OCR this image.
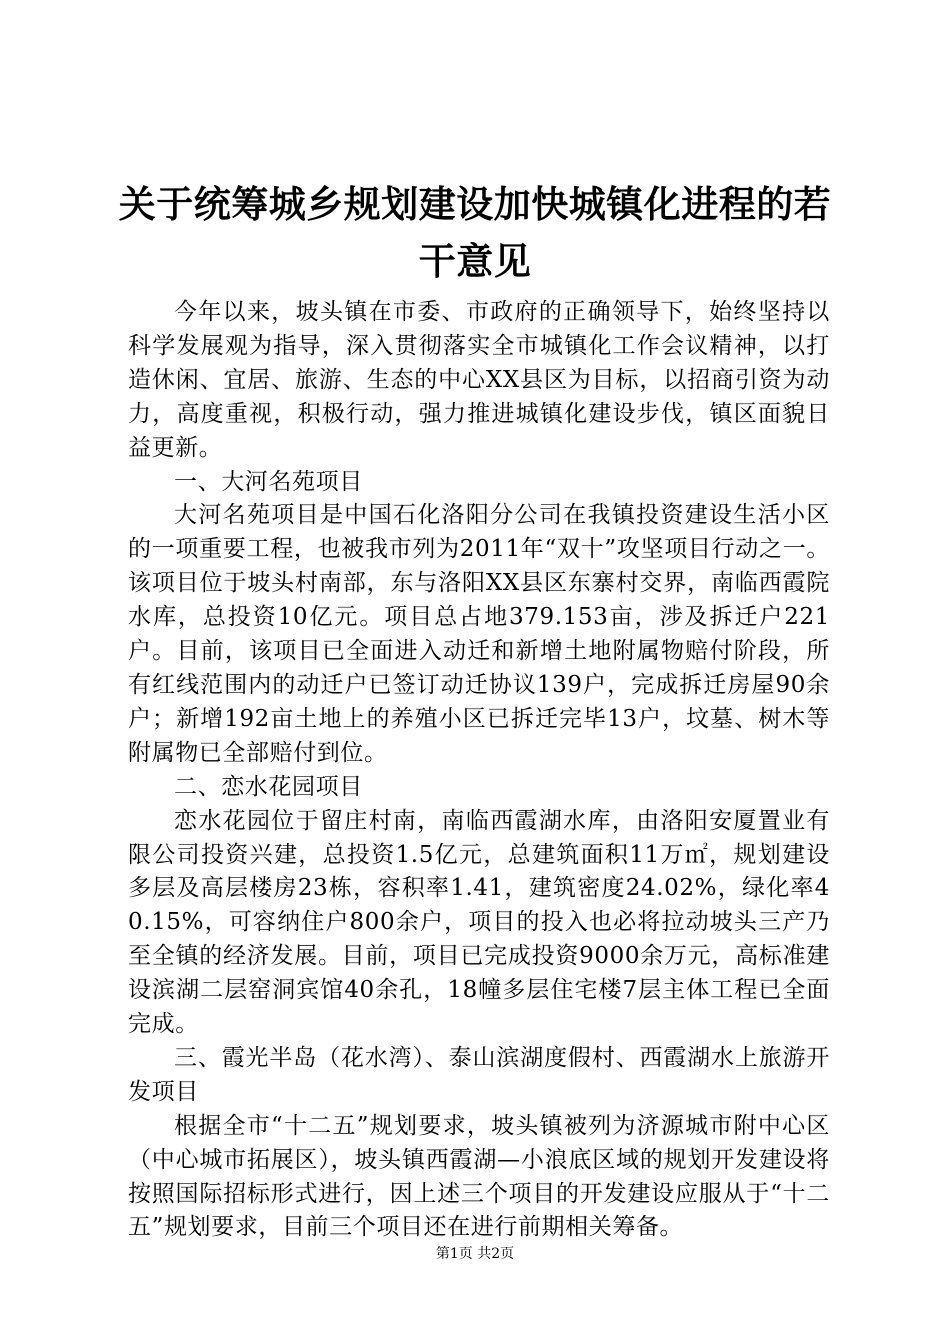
关于统筹城乡规划建设加快城镇化进程的若干意见

今年以来，坡头镇在市委、市政府的正确领导下，始终坚持以科学发展观为指导，深入贯彻落实全市城镇化工作会议精神，以打造休闲、宜居、旅游、生态的中心XX县区为目标，以招商引资为动力，高度重视，积极行动，强力推进城镇化建设步伐，镇区面貌日益更新。

一、大河名苑项目

大河名苑项目是中国石化洛阳分公司在我镇投资建设生活小区的一项重要工程，也被我市列为2011年“双十”攻坚项目行动之一。该项目位于坡头村南部，东与洛阳XX县区东寨村交界，南临西霞院水库，总投资10亿元。项目总占地379.153亩，涉及拆迁户221户。目前，该项目已全面进入动迁和新增土地附属物赔付阶段，所有红线范围内的动迁户已签订动迁协议139户，完成拆迁房屋90余户；新增192亩土地上的养殖小区已拆迁完毕13户，坟墓、树木等附属物已全部赔付到位。

二、恋水花园项目

恋水花园位于留庄村南，南临西霞湖水库，由洛阳安厦置业有限公司投资兴建，总投资1.5亿元，总建筑面积11万㎡，规划建设多层及高层楼房23栋，容积率1.41，建筑密度24.02%，绿化率40.15%，可容纳住户800余户，项目的投入也必将拉动坡头三产乃至全镇的经济发展。目前，项目已完成投资9000余万元，高标准建设滨湖二层窑洞宾馆40余孔，18幢多层住宅楼7层主体工程已全面完成。

三、霞光半岛（花水湾）、泰山滨湖度假村、西霞湖水上旅游开发项目

根据全市“十二五”规划要求，坡头镇被列为济源城市附中心区（中心城市拓展区），坡头镇西霞湖—小浪底区域的规划开发建设将按照国际招标形式进行，因上述三个项目的开发建设应服从于“十二五”规划要求，目前三个项目还在进行前期相关筹备。

第1页 共2页
